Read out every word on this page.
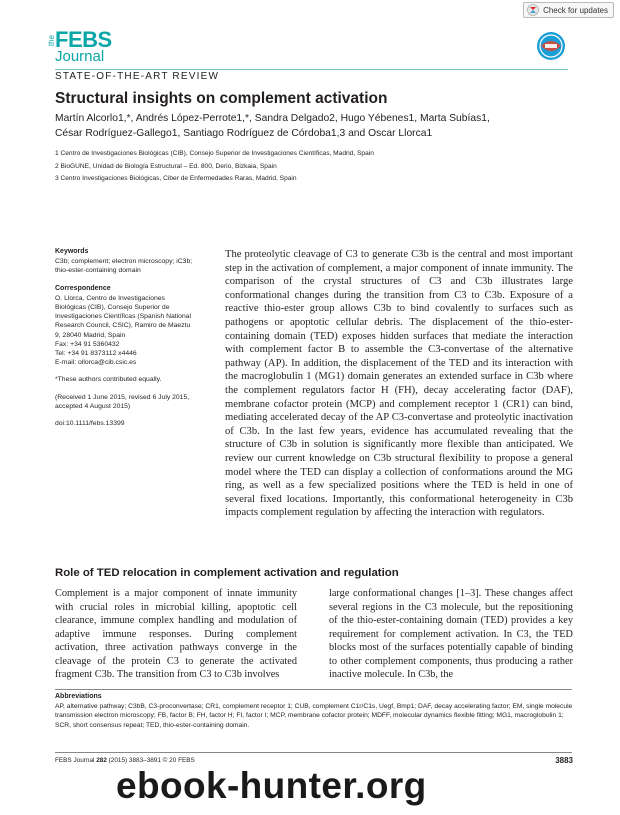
Check for updates
the FEBS
Journal
STATE-OF-THE-ART REVIEW
Structural insights on complement activation
Martín Alcorlo1,*, Andrés López-Perrote1,*, Sandra Delgado2, Hugo Yébenes1, Marta Subías1,
César Rodríguez-Gallego1, Santiago Rodríguez de Córdoba1,3 and Oscar Llorca1
1 Centro de Investigaciones Biológicas (CIB), Consejo Superior de Investigaciones Científicas, Madrid, Spain
2 BioGUNE, Unidad de Biología Estructural – Ed. 800, Derio, Bizkaia, Spain
3 Centro Investigaciones Biológicas, Ciber de Enfermedades Raras, Madrid, Spain
Keywords
C3b; complement; electron microscopy; iC3b; thio-ester-containing domain
Correspondence
O. Llorca, Centro de Investigaciones
Biológicas (CIB), Consejo Superior de
Investigaciones Científicas (Spanish National
Research Council, CSIC), Ramiro de Maeztu
9, 28040 Madrid, Spain
Fax: +34 91 5360432
Tel: +34 91 8373112 x4446
E-mail: ollorca@cib.csic.es
*These authors contributed equally.
(Received 1 June 2015, revised 6 July 2015, accepted 4 August 2015)
doi:10.1111/febs.13399
The proteolytic cleavage of C3 to generate C3b is the central and most important step in the activation of complement, a major component of innate immunity. The comparison of the crystal structures of C3 and C3b illustrates large conformational changes during the transition from C3 to C3b. Exposure of a reactive thio-ester group allows C3b to bind covalently to surfaces such as pathogens or apoptotic cellular debris. The displacement of the thio-ester-containing domain (TED) exposes hidden surfaces that mediate the interaction with complement factor B to assemble the C3-convertase of the alternative pathway (AP). In addition, the displacement of the TED and its interaction with the macroglobulin 1 (MG1) domain generates an extended surface in C3b where the complement regulators factor H (FH), decay accelerating factor (DAF), membrane cofactor protein (MCP) and complement receptor 1 (CR1) can bind, mediating accelerated decay of the AP C3-convertase and proteolytic inactivation of C3b. In the last few years, evidence has accumulated revealing that the structure of C3b in solution is significantly more flexible than anticipated. We review our current knowledge on C3b structural flexibility to propose a general model where the TED can display a collection of conformations around the MG ring, as well as a few specialized positions where the TED is held in one of several fixed locations. Importantly, this conformational heterogeneity in C3b impacts complement regulation by affecting the interaction with regulators.
Role of TED relocation in complement activation and regulation
Complement is a major component of innate immunity with crucial roles in microbial killing, apoptotic cell clearance, immune complex handling and modulation of adaptive immune responses. During complement activation, three activation pathways converge in the cleavage of the protein C3 to generate the activated fragment C3b. The transition from C3 to C3b involves
large conformational changes [1–3]. These changes affect several regions in the C3 molecule, but the repositioning of the thio-ester-containing domain (TED) provides a key requirement for complement activation. In C3, the TED blocks most of the surfaces potentially capable of binding to other complement components, thus producing a rather inactive molecule. In C3b, the
Abbreviations
AP, alternative pathway; C3bB, C3-proconvertase; CR1, complement receptor 1; CUB, complement C1r/C1s, Uegf, Bmp1; DAF, decay accelerating factor; EM, single molecule transmission electron microscopy; FB, factor B; FH, factor H; FI, factor I; MCP, membrane cofactor protein; MDFF, molecular dynamics flexible fitting; MG1, macroglobulin 1; SCR, short consensus repeat; TED, thio-ester-containing domain.
FEBS Journal 282 (2015) 3883–3891 © 20 FEBS	3883
ebook-hunter.org
